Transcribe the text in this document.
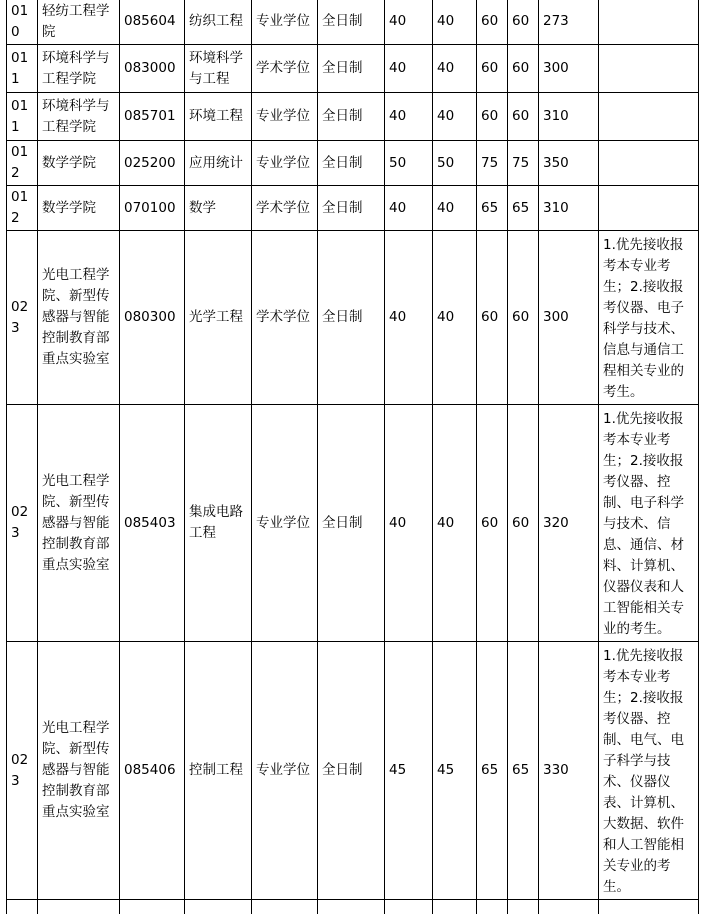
010	轻纺工程学院	085604	纺织工程	专业学位	全日制	40	40	60	60	273	
011	环境科学与工程学院	083000	环境科学与工程	学术学位	全日制	40	40	60	60	300	
011	环境科学与工程学院	085701	环境工程	专业学位	全日制	40	40	60	60	310	
012	数学学院	025200	应用统计	专业学位	全日制	50	50	75	75	350	
012	数学学院	070100	数学	学术学位	全日制	40	40	65	65	310	
023	光电工程学院、新型传感器与智能控制教育部重点实验室	080300	光学工程	学术学位	全日制	40	40	60	60	300	1.优先接收报考本专业考生；2.接收报考仪器、电子科学与技术、信息与通信工程相关专业的考生。
023	光电工程学院、新型传感器与智能控制教育部重点实验室	085403	集成电路工程	专业学位	全日制	40	40	60	60	320	1.优先接收报考本专业考生；2.接收报考仪器、控制、电子科学与技术、信息、通信、材料、计算机、仪器仪表和人工智能相关专业的考生。
023	光电工程学院、新型传感器与智能控制教育部重点实验室	085406	控制工程	专业学位	全日制	45	45	65	65	330	1.优先接收报考本专业考生；2.接收报考仪器、控制、电气、电子科学与技术、仪器仪表、计算机、大数据、软件和人工智能相关专业的考生。
